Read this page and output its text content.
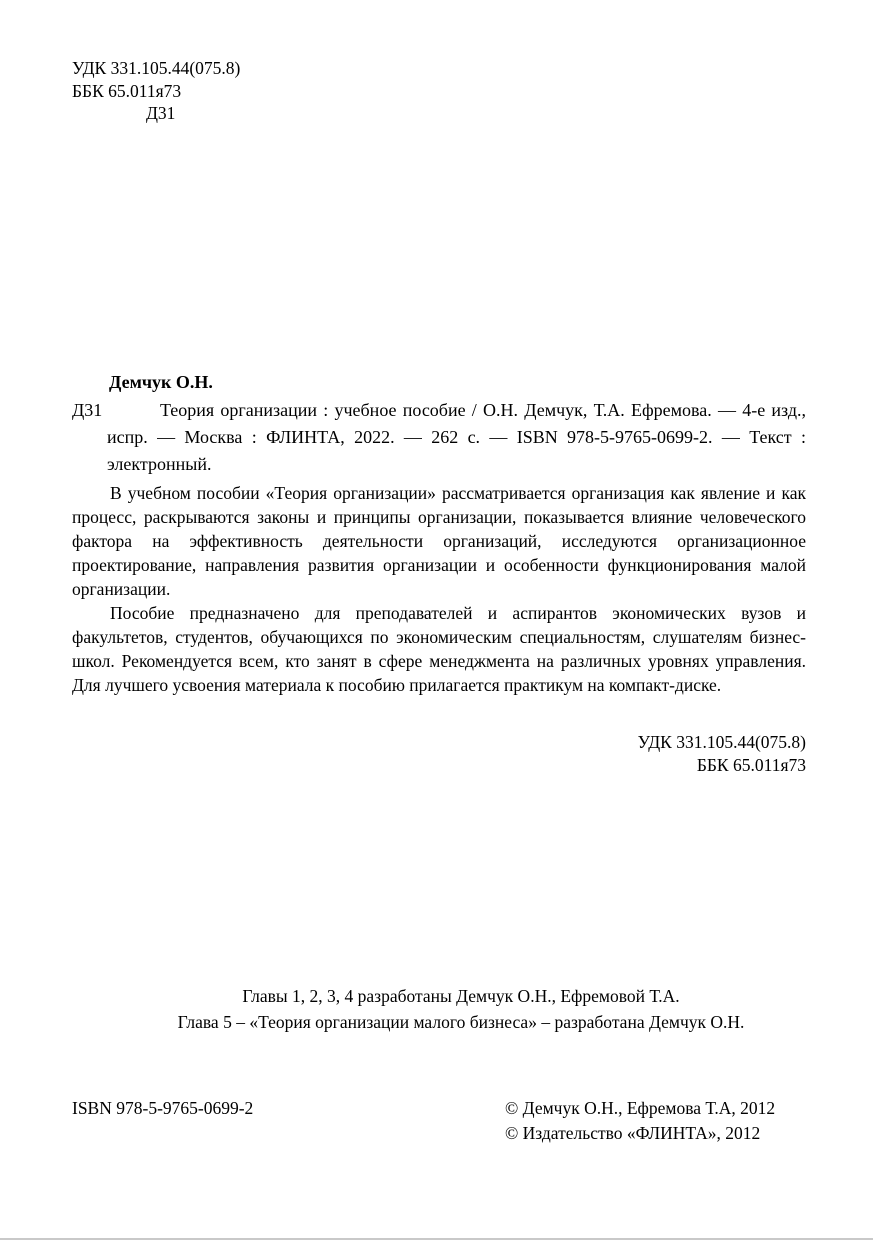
УДК 331.105.44(075.8)
ББК 65.011я73
Д31
Демчук О.Н.
Д31	Теория организации : учебное пособие / О.Н. Демчук, Т.А. Ефремова. — 4-е изд., испр. — Москва : ФЛИНТА, 2022. — 262 с. — ISBN 978-5-9765-0699-2. — Текст : электронный.

В учебном пособии «Теория организации» рассматривается организация как явление и как процесс, раскрываются законы и принципы организации, показывается влияние человеческого фактора на эффективность деятельности организаций, исследуются организационное проектирование, направления развития организации и особенности функционирования малой организации.

Пособие предназначено для преподавателей и аспирантов экономических вузов и факультетов, студентов, обучающихся по экономическим специальностям, слушателям бизнес-школ. Рекомендуется всем, кто занят в сфере менеджмента на различных уровнях управления. Для лучшего усвоения материала к пособию прилагается практикум на компакт-диске.

УДК 331.105.44(075.8)
ББК 65.011я73
Главы 1, 2, 3, 4 разработаны Демчук О.Н., Ефремовой Т.А.
Глава 5 – «Теория организации малого бизнеса» – разработана Демчук О.Н.
ISBN 978-5-9765-0699-2	© Демчук О.Н., Ефремова Т.А, 2012
© Издательство «ФЛИНТА», 2012
